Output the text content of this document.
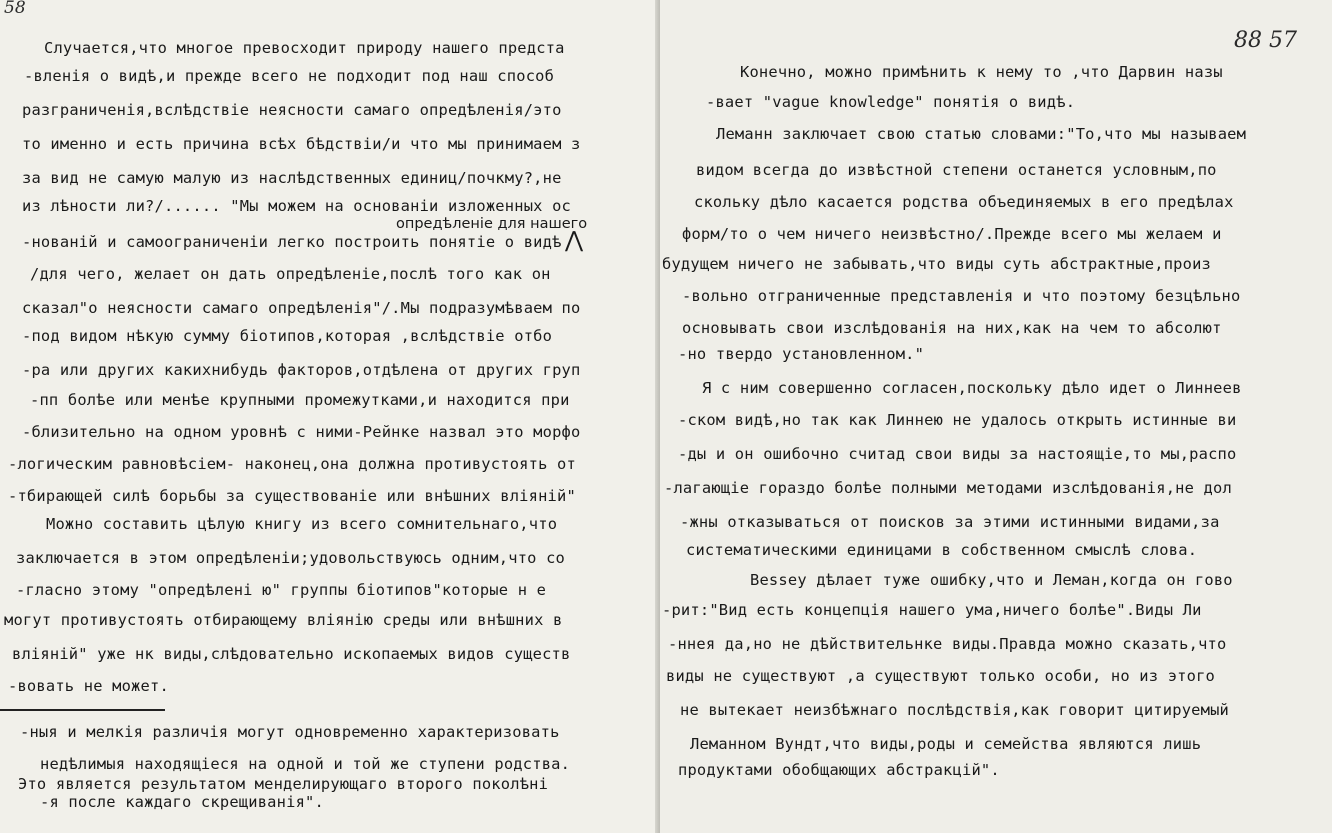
58
Случается,что многое превосходит природу нашего предста
-вленiя о видѣ,и прежде всего не подходит под наш способ
разграниченiя,вслѣдствiе неясности самаго опредѣленiя/это
то именно и есть причина всѣх бѣдствiи/и что мы принимаем з
за вид не самую малую из наслѣдственных единиц/почкму?,не
из лѣности ли?/...... "Мы можем на основанiи изложенных ос
опредѣленiе для нашего
⋀
-нованiй и самоограниченiи легко построить понятiе о видѣ
/для чего, желает он дать опредѣленiе,послѣ того как он
сказал"о неясности самаго опредѣленiя"/.Мы подразумѣваем по
-под видом нѣкую сумму бiотипов,которая ,вслѣдствiе отбо
-ра или других какихнибудь факторов,отдѣлена от других груп
-пп болѣе или менѣе крупными промежутками,и находится при
-близительно на одном уровнѣ с ними-Рейнке назвал это морфо
-логическим равновѣсiем- наконец,она должна противустоять от
-тбирающей силѣ борьбы за существованiе или внѣшних влiянiй"
Можно составить цѣлую книгу из всего сомнительнаго,что
заключается в этом опредѣленiи;удовольствуюсь одним,что со
-гласно этому "опредѣленi ю" группы бiотипов"которые н е
могут противустоять отбирающему влiянiю среды или внѣшних в
влiянiй" уже нк виды,слѣдовательно ископаемых видов существ
-вовать не может.
-ныя и мелкiя различiя могут одновременно характеризовать
недѣлимыя находящiеся на одной и той же ступени родства.
Это является результатом менделирующаго второго поколѣнi
-я после каждаго скрещиванiя".
88 57
Конечно, можно примѣнить к нему то ,что Дарвин назы
-вает "vague knowledge" понятiя о видѣ.
Леманн заключает свою статью словами:"То,что мы называем
видом всегда до извѣстной степени останется условным,по
скольку дѣло касается родства объединяемых в его предѣлах
форм/то о чем ничего неизвѣстно/.Прежде всего мы желаем и
будущем ничего не забывать,что виды суть абстрактные,произ
-вольно отграниченные представленiя и что поэтому безцѣльно
основывать свои изслѣдованiя на них,как на чем то абсолют
-но твердо установленном."
Я с ним совершенно согласен,поскольку дѣло идет о Линнеев
-ском видѣ,но так как Линнею не удалось открыть истинные ви
-ды и он ошибочно считад свои виды за настоящiе,то мы,распо
-лагающiе гораздо болѣе полными методами изслѣдованiя,не дол
-жны отказываться от поисков за этими истинными видами,за
систематическими единицами в собственном смыслѣ слова.
Bessey дѣлает туже ошибку,что и Леман,когда он гово
-рит:"Вид есть концепцiя нашего ума,ничего болѣе".Виды Ли
-ннея да,но не дѣйствительнке виды.Правда можно сказать,что
виды не существуют ,а существуют только особи, но из этого
не вытекает неизбѣжнаго послѣдствiя,как говорит цитируемый
Леманном Вундт,что виды,роды и семейства являются лишь
продуктами обобщающих абстракцiй".
